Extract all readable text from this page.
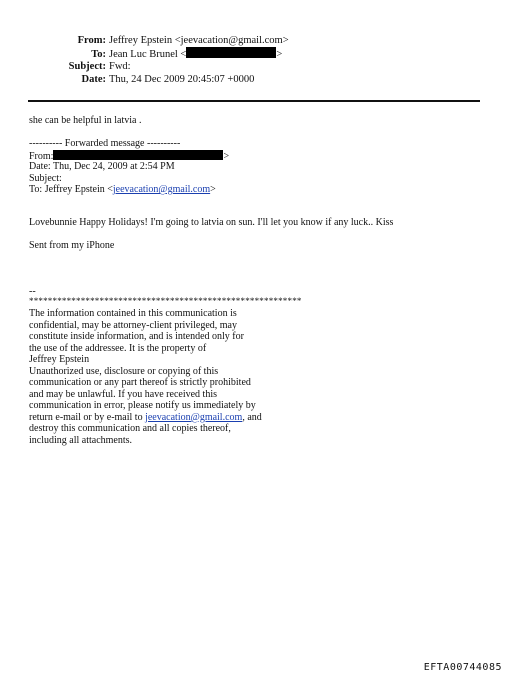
From: Jeffrey Epstein <jeevacation@gmail.com>
To: Jean Luc Brunel <	>
Subject: Fwd:
Date: Thu, 24 Dec 2009 20:45:07 +0000
she can be helpful in latvia .
---------- Forwarded message ----------
From:	>
Date: Thu, Dec 24, 2009 at 2:54 PM
Subject:
To: Jeffrey Epstein <jeevacation@gmail.com>
Lovebunnie Happy Holidays! I'm going to latvia on sun. I'll let you know if any luck.. Kiss
Sent from my iPhone
--
**********************************************************
The information contained in this communication is
confidential, may be attorney-client privileged, may
constitute inside information, and is intended only for
the use of the addressee. It is the property of
Jeffrey Epstein
Unauthorized use, disclosure or copying of this
communication or any part thereof is strictly prohibited
and may be unlawful. If you have received this
communication in error, please notify us immediately by
return e-mail or by e-mail to jeevacation@gmail.com, and
destroy this communication and all copies thereof,
including all attachments.
EFTA00744085
